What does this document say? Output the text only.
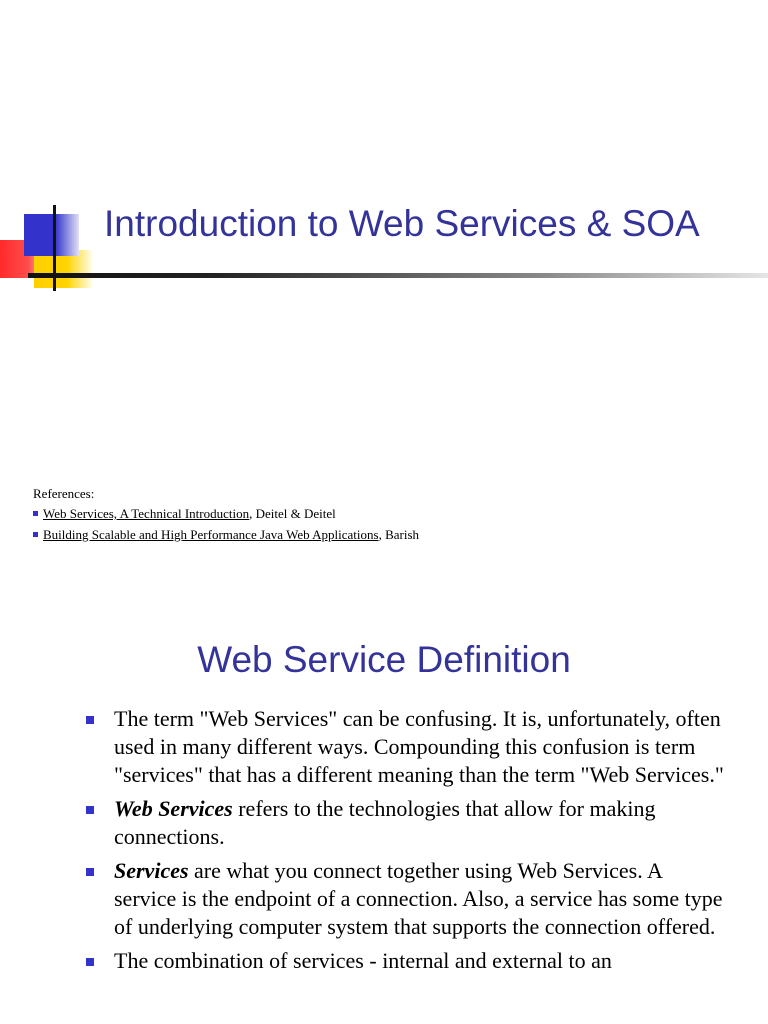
Introduction to Web Services & SOA
References:
Web Services, A Technical Introduction , Deitel & Deitel
Building Scalable and High Performance Java Web Applications , Barish
Web Service Definition
The term "Web Services" can be confusing. It is, unfortunately, often used in many different ways. Compounding this confusion is term "services" that has a different meaning than the term "Web Services."
Web Services refers to the technologies that allow for making connections.
Services are what you connect together using Web Services. A service is the endpoint of a connection. Also, a service has some type of underlying computer system that supports the connection offered.
The combination of services - internal and external to an
